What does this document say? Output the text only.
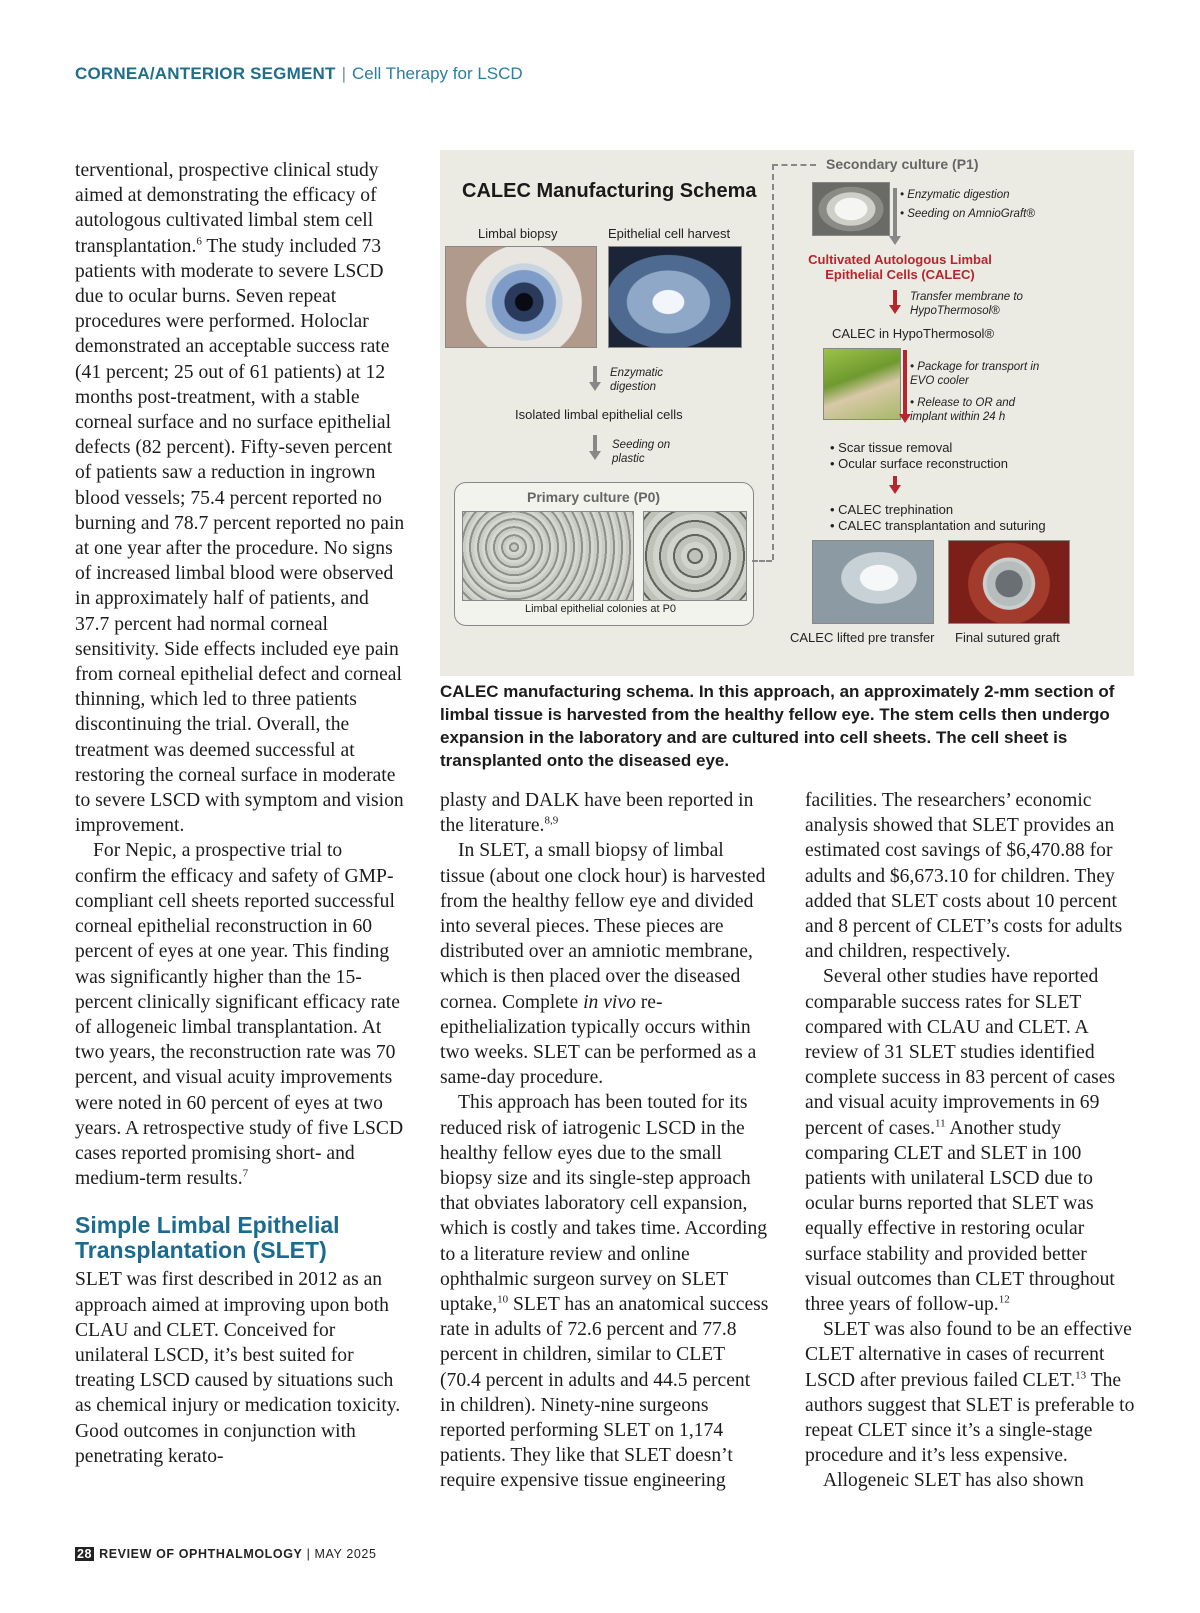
CORNEA/ANTERIOR SEGMENT | Cell Therapy for LSCD

terventional, prospective clinical study aimed at demonstrating the efficacy of autologous cultivated limbal stem cell transplantation.$^6$ The study included 73 patients with moderate to severe LSCD due to ocular burns. Seven repeat procedures were performed. Holoclar demonstrated an acceptable success rate (41 percent; 25 out of 61 patients) at 12 months post-treatment, with a stable corneal surface and no surface epithelial defects (82 percent). Fifty-seven percent of patients saw a reduction in ingrown blood vessels; 75.4 percent reported no burning and 78.7 percent reported no pain at one year after the procedure. No signs of increased limbal blood were observed in approximately half of patients, and 37.7 percent had normal corneal sensitivity. Side effects included eye pain from corneal epithelial defect and corneal thinning, which led to three patients discontinuing the trial. Overall, the treatment was deemed successful at restoring the corneal surface in moderate to severe LSCD with symptom and vision improvement.

For Nepic, a prospective trial to confirm the efficacy and safety of GMP-compliant cell sheets reported successful corneal epithelial reconstruction in 60 percent of eyes at one year. This finding was significantly higher than the 15-percent clinically significant efficacy rate of allogeneic limbal transplantation. At two years, the reconstruction rate was 70 percent, and visual acuity improvements were noted in 60 percent of eyes at two years. A retrospective study of five LSCD cases reported promising short- and medium-term results.$^7$

Simple Limbal Epithelial Transplantation (SLET)

SLET was first described in 2012 as an approach aimed at improving upon both CLAU and CLET. Conceived for unilateral LSCD, it’s best suited for treating LSCD caused by situations such as chemical injury or medication toxicity. Good outcomes in conjunction with penetrating kerato-

CALEC Manufacturing Schema
Limbal biopsy	Epithelial cell harvest
Enzymatic digestion
Isolated limbal epithelial cells
Seeding on plastic
Primary culture (P0)
Limbal epithelial colonies at P0
Secondary culture (P1)
• Enzymatic digestion
• Seeding on AmnioGraft®
Cultivated Autologous Limbal Epithelial Cells (CALEC)
Transfer membrane to HypoThermosol®
CALEC in HypoThermosol®
• Package for transport in EVO cooler
• Release to OR and implant within 24 h
• Scar tissue removal
• Ocular surface reconstruction
• CALEC trephination
• CALEC transplantation and suturing
CALEC lifted pre transfer Final sutured graft
CALEC manufacturing schema. In this approach, an approximately 2-mm section of limbal tissue is harvested from the healthy fellow eye. The stem cells then undergo expansion in the laboratory and are cultured into cell sheets. The cell sheet is transplanted onto the diseased eye.

plasty and DALK have been reported in the literature.$^{8,9}$

In SLET, a small biopsy of limbal tissue (about one clock hour) is harvested from the healthy fellow eye and divided into several pieces. These pieces are distributed over an amniotic membrane, which is then placed over the diseased cornea. Complete in vivo re-epithelialization typically occurs within two weeks. SLET can be performed as a same-day procedure.

This approach has been touted for its reduced risk of iatrogenic LSCD in the healthy fellow eyes due to the small biopsy size and its single-step approach that obviates laboratory cell expansion, which is costly and takes time. According to a literature review and online ophthalmic surgeon survey on SLET uptake,$^{10}$ SLET has an anatomical success rate in adults of 72.6 percent and 77.8 percent in children, similar to CLET (70.4 percent in adults and 44.5 percent in children). Ninety-nine surgeons reported performing SLET on 1,174 patients. They like that SLET doesn’t require expensive tissue engineering

facilities. The researchers’ economic analysis showed that SLET provides an estimated cost savings of $6,470.88 for adults and $6,673.10 for children. They added that SLET costs about 10 percent and 8 percent of CLET’s costs for adults and children, respectively.

Several other studies have reported comparable success rates for SLET compared with CLAU and CLET. A review of 31 SLET studies identified complete success in 83 percent of cases and visual acuity improvements in 69 percent of cases.$^{11}$ Another study comparing CLET and SLET in 100 patients with unilateral LSCD due to ocular burns reported that SLET was equally effective in restoring ocular surface stability and provided better visual outcomes than CLET throughout three years of follow-up.$^{12}$

SLET was also found to be an effective CLET alternative in cases of recurrent LSCD after previous failed CLET.$^{13}$ The authors suggest that SLET is preferable to repeat CLET since it’s a single-stage procedure and it’s less expensive.

Allogeneic SLET has also shown

28 REVIEW OF OPHTHALMOLOGY | MAY 2025
